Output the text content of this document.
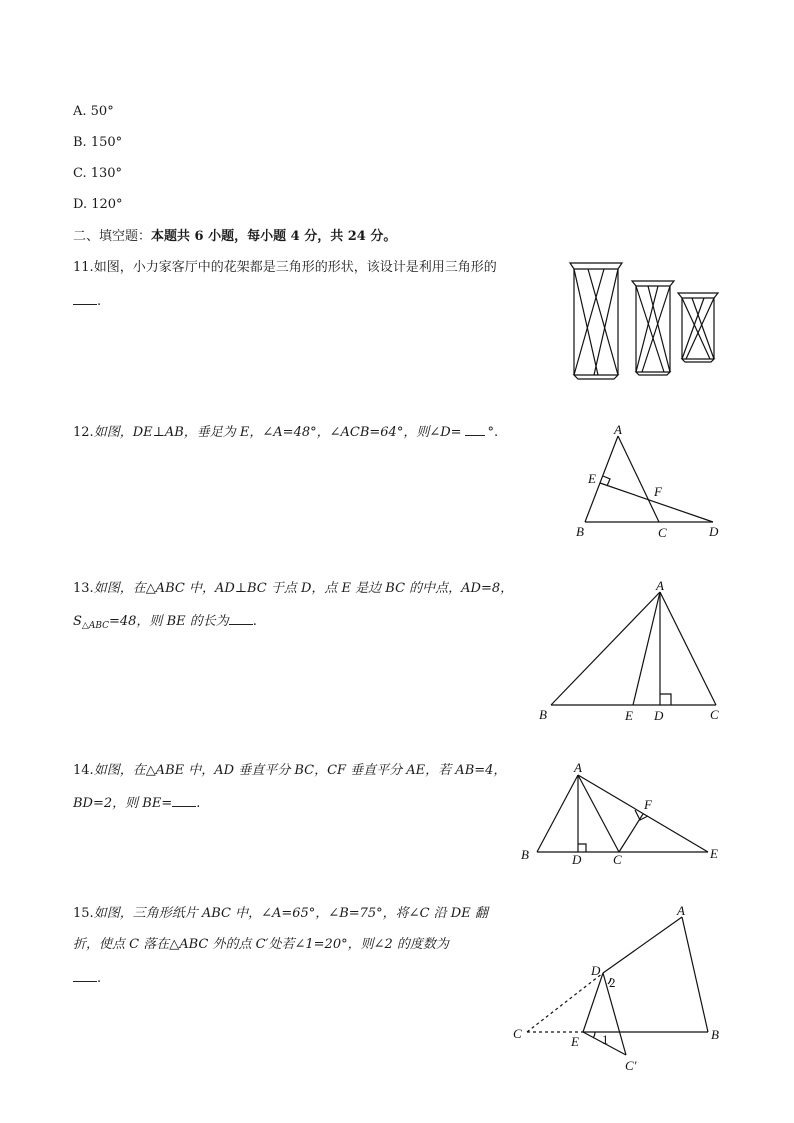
A. 50°
B. 150°
C. 130°
D. 120°
二、填空题：本题共 6 小题，每小题 4 分，共 24 分。
11.如图，小力家客厅中的花架都是三角形的形状，该设计是利用三角形的
.
12.如图，DE⊥AB，垂足为 E，∠A=48°，∠ACB=64°，则∠D= °.	A
E
F
B	C	D
13.如图，在△ABC 中，AD⊥BC 于点 D，点 E 是边 BC 的中点，AD=8，
$S_{\triangle ABC}=48$，则 BE 的长为 .
A
B	E D	C
14.如图，在△ABE 中，AD 垂直平分 BC，CF 垂直平分 AE，若 AB=4，
BD=2，则 BE= .
A
F
B	D C	E
15.如图，三角形纸片 ABC 中，∠A=65°，∠B=75°，将∠C 沿 DE 翻
折，使点 C 落在△ABC 外的点 C′处若∠1=20°，则∠2 的度数为
.
A
D
2
C
E 1	B
C′
